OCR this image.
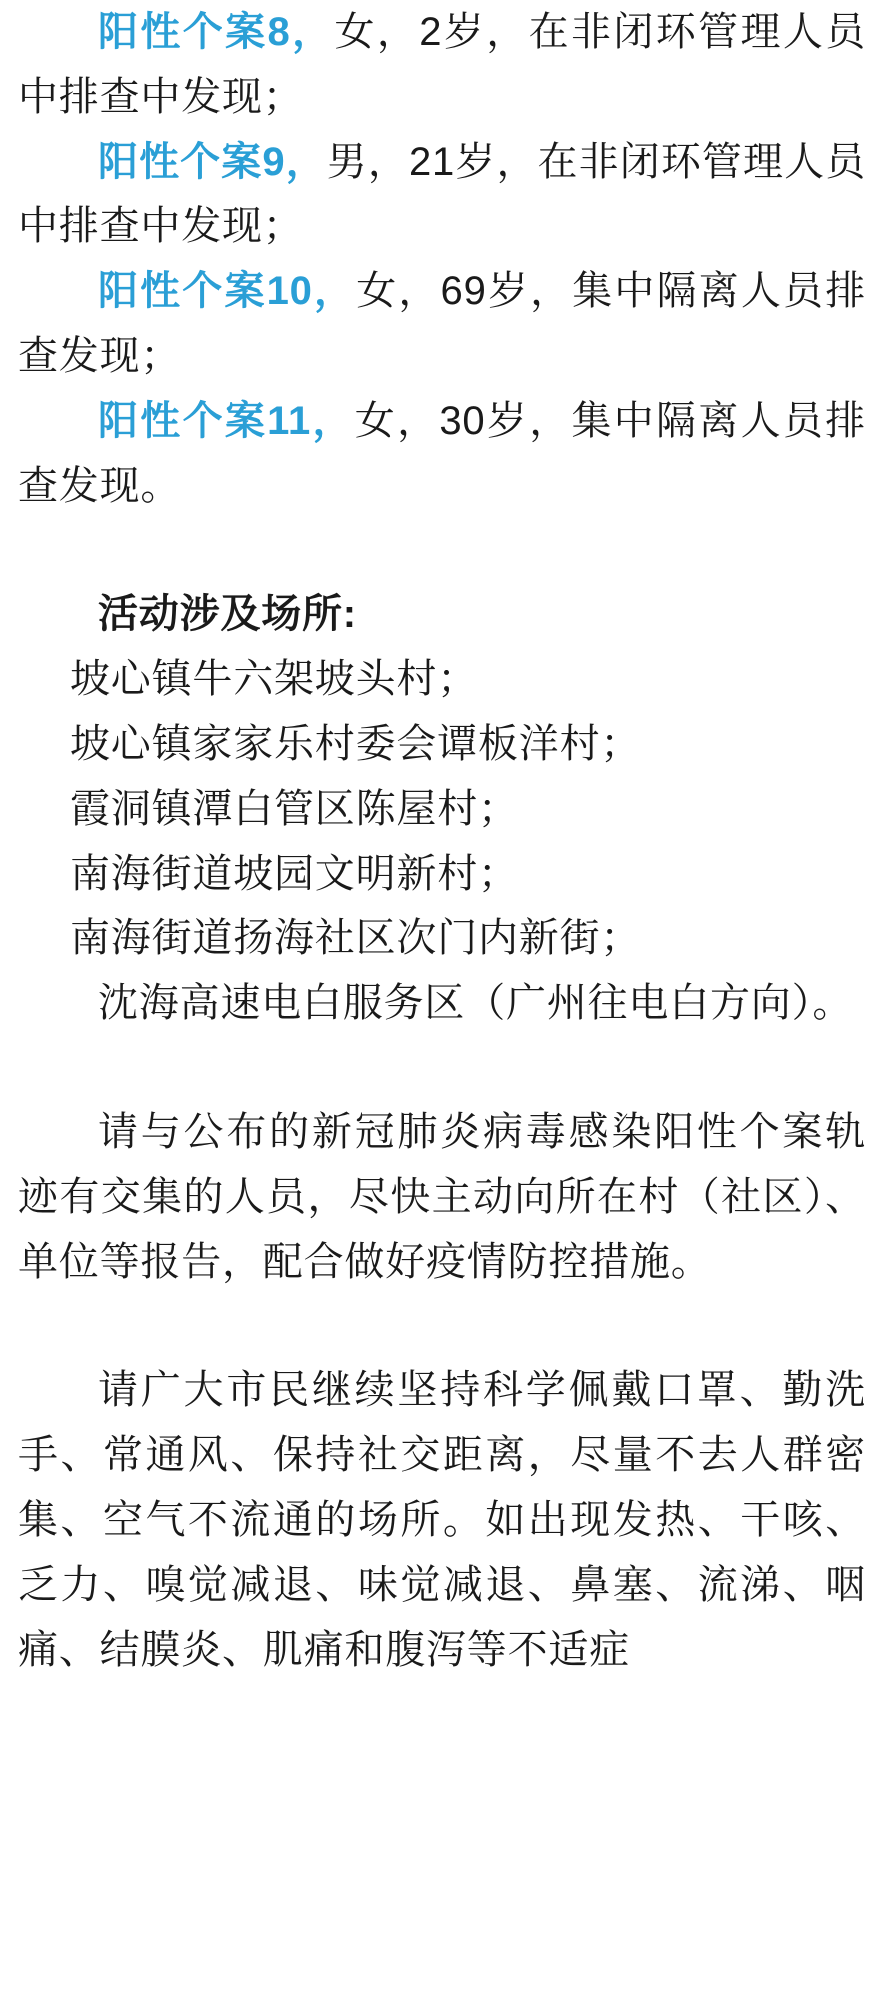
阳性个案8，女，2岁，在非闭环管理人员中排查中发现；

阳性个案9，男，21岁，在非闭环管理人员中排查中发现；

阳性个案10，女，69岁，集中隔离人员排查发现；

阳性个案11，女，30岁，集中隔离人员排查发现。

活动涉及场所:

坡心镇牛六架坡头村；

坡心镇家家乐村委会谭板洋村；

霞洞镇潭白管区陈屋村；

南海街道坡园文明新村；

南海街道扬海社区次门内新街；

沈海高速电白服务区（广州往电白方向）。

请与公布的新冠肺炎病毒感染阳性个案轨迹有交集的人员，尽快主动向所在村（社区）、单位等报告，配合做好疫情防控措施。

请广大市民继续坚持科学佩戴口罩、勤洗手、常通风、保持社交距离，尽量不去人群密集、空气不流通的场所。如出现发热、干咳、乏力、嗅觉减退、味觉减退、鼻塞、流涕、咽痛、结膜炎、肌痛和腹泻等不适症
